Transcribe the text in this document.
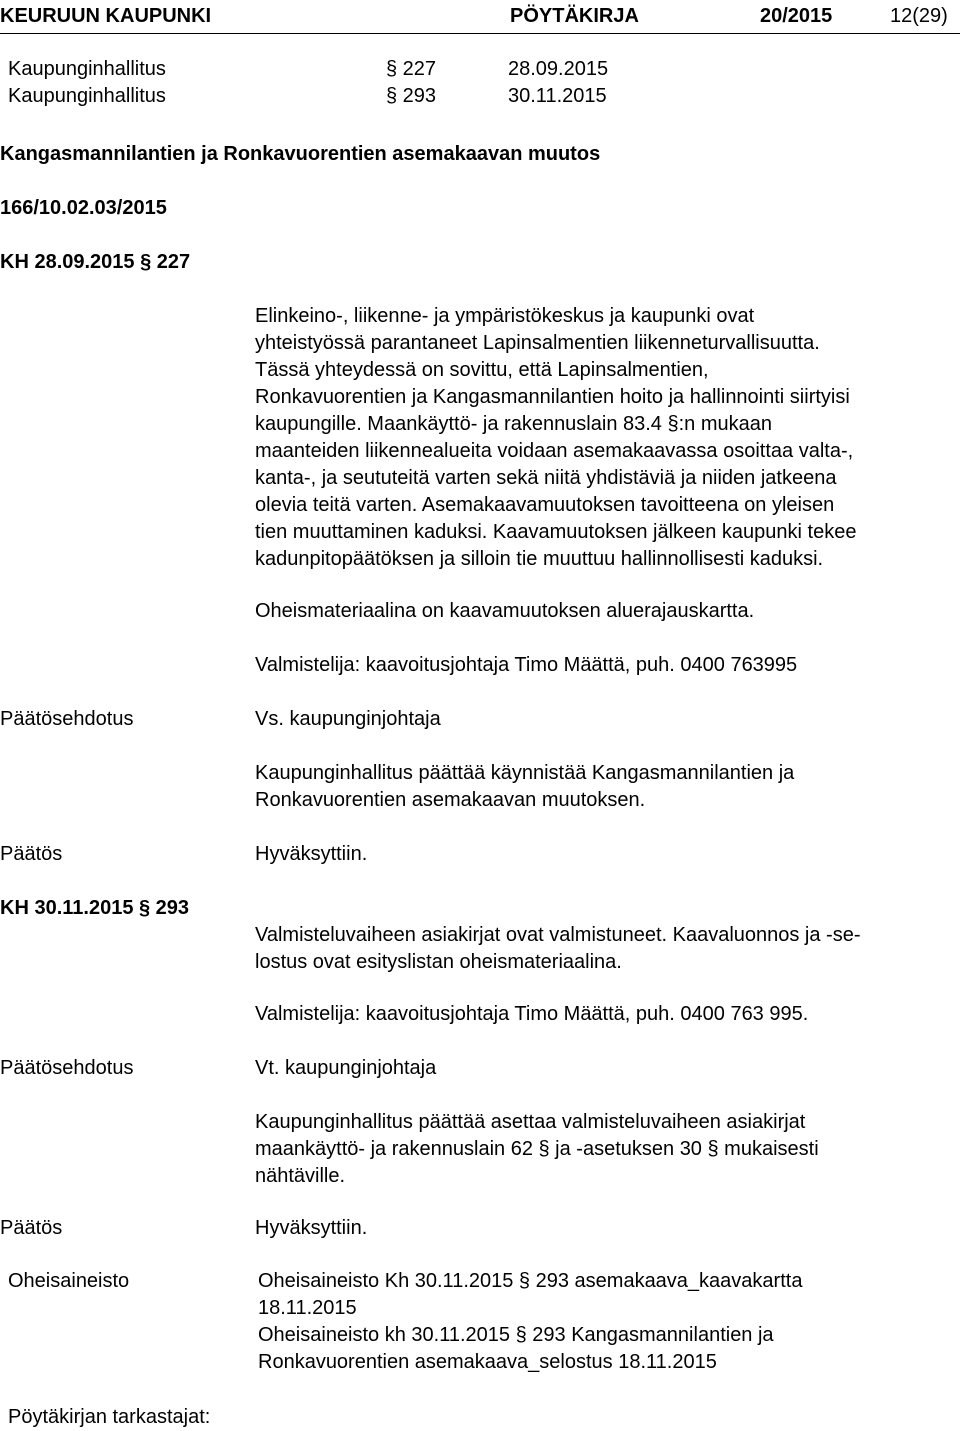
KEURUUN KAUPUNKI	PÖYTÄKIRJA	20/2015	12(29)
Kaupunginhallitus	§ 227	28.09.2015
Kaupunginhallitus	§ 293	30.11.2015
Kangasmannilantien ja Ronkavuorentien asemakaavan muutos
166/10.02.03/2015
KH 28.09.2015 § 227
Elinkeino-, liikenne- ja ympäristökeskus ja kaupunki ovat
yhteistyössä parantaneet Lapinsalmentien liikenneturvallisuutta.
Tässä yhteydessä on sovittu, että Lapinsalmentien,
Ronkavuorentien ja Kangasmannilantien hoito ja hallinnointi siirtyisi
kaupungille. Maankäyttö- ja rakennuslain 83.4 §:n mukaan
maanteiden liikennealueita voidaan asemakaavassa osoittaa valta-,
kanta-, ja seututeitä varten sekä niitä yhdistäviä ja niiden jatkeena
olevia teitä varten. Asemakaavamuutoksen tavoitteena on yleisen
tien muuttaminen kaduksi. Kaavamuutoksen jälkeen kaupunki tekee
kadunpitopäätöksen ja silloin tie muuttuu hallinnollisesti kaduksi.
Oheismateriaalina on kaavamuutoksen aluerajauskartta.
Valmistelija: kaavoitusjohtaja Timo Määttä, puh. 0400 763995
Päätösehdotus	Vs. kaupunginjohtaja
Kaupunginhallitus päättää käynnistää Kangasmannilantien ja
Ronkavuorentien asemakaavan muutoksen.
Päätös	Hyväksyttiin.
KH 30.11.2015 § 293
Valmisteluvaiheen asiakirjat ovat valmistuneet. Kaavaluonnos ja -se-
lostus ovat esityslistan oheismateriaalina.
Valmistelija: kaavoitusjohtaja Timo Määttä, puh. 0400 763 995.
Päätösehdotus	Vt. kaupunginjohtaja
Kaupunginhallitus päättää asettaa valmisteluvaiheen asiakirjat
maankäyttö- ja rakennuslain 62 § ja -asetuksen 30 § mukaisesti
nähtäville.
Päätös	Hyväksyttiin.
Oheisaineisto	Oheisaineisto Kh 30.11.2015 § 293 asemakaava_kaavakartta
18.11.2015
Oheisaineisto kh 30.11.2015 § 293 Kangasmannilantien ja
Ronkavuorentien asemakaava_selostus 18.11.2015
Pöytäkirjan tarkastajat:
